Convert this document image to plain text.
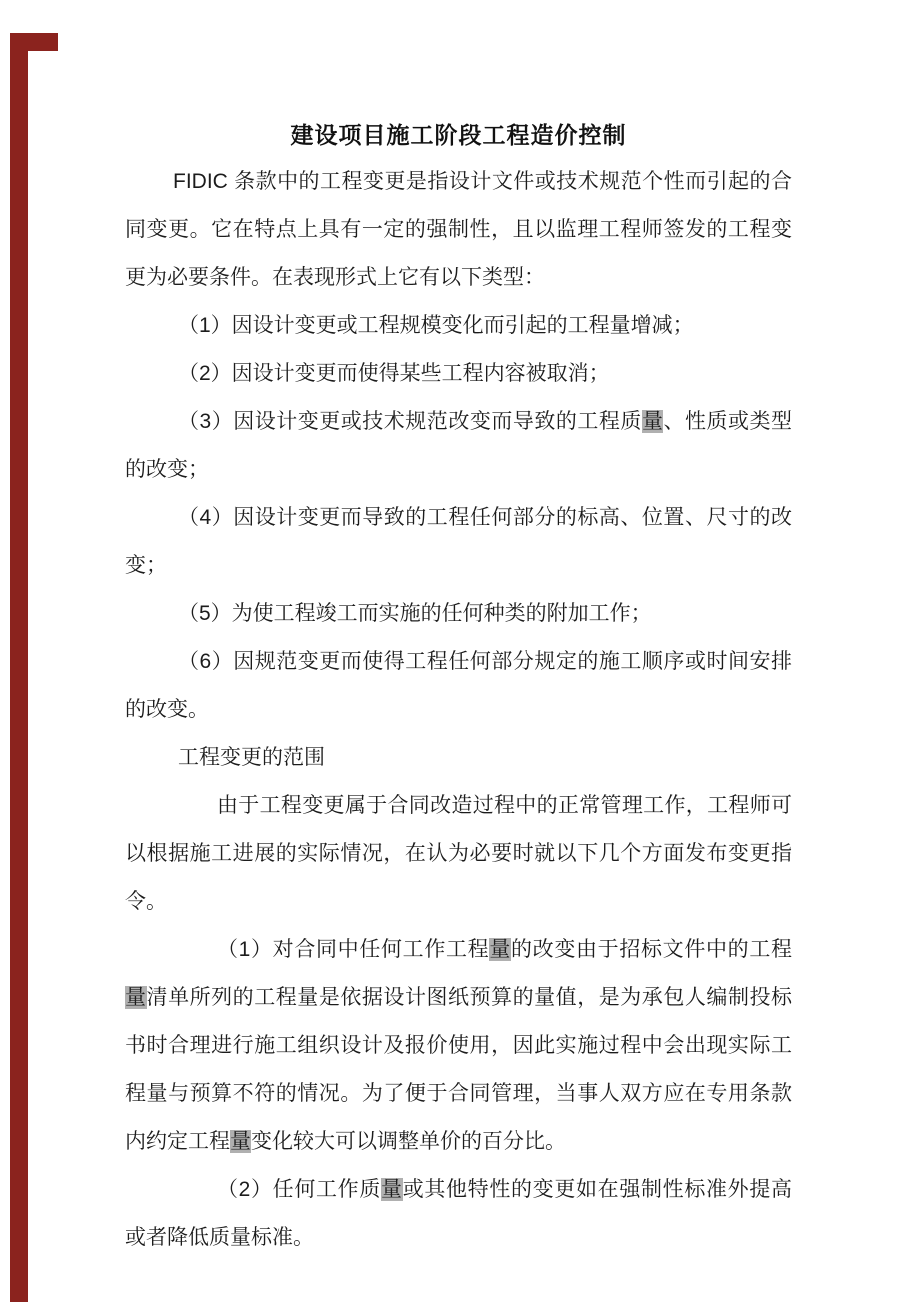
建设项目施工阶段工程造价控制

FIDIC 条款中的工程变更是指设计文件或技术规范个性而引起的合同变更。它在特点上具有一定的强制性，且以监理工程师签发的工程变更为必要条件。在表现形式上它有以下类型：

（1）因设计变更或工程规模变化而引起的工程量增减；

（2）因设计变更而使得某些工程内容被取消；

（3）因设计变更或技术规范改变而导致的工程质量、性质或类型的改变；

（4）因设计变更而导致的工程任何部分的标高、位置、尺寸的改变；

（5）为使工程竣工而实施的任何种类的附加工作；

（6）因规范变更而使得工程任何部分规定的施工顺序或时间安排的改变。

工程变更的范围

由于工程变更属于合同改造过程中的正常管理工作，工程师可以根据施工进展的实际情况，在认为必要时就以下几个方面发布变更指令。

（1）对合同中任何工作工程量的改变由于招标文件中的工程量清单所列的工程量是依据设计图纸预算的量值，是为承包人编制投标书时合理进行施工组织设计及报价使用，因此实施过程中会出现实际工程量与预算不符的情况。为了便于合同管理，当事人双方应在专用条款内约定工程量变化较大可以调整单价的百分比。

（2）任何工作质量或其他特性的变更如在强制性标准外提高或者降低质量标准。
